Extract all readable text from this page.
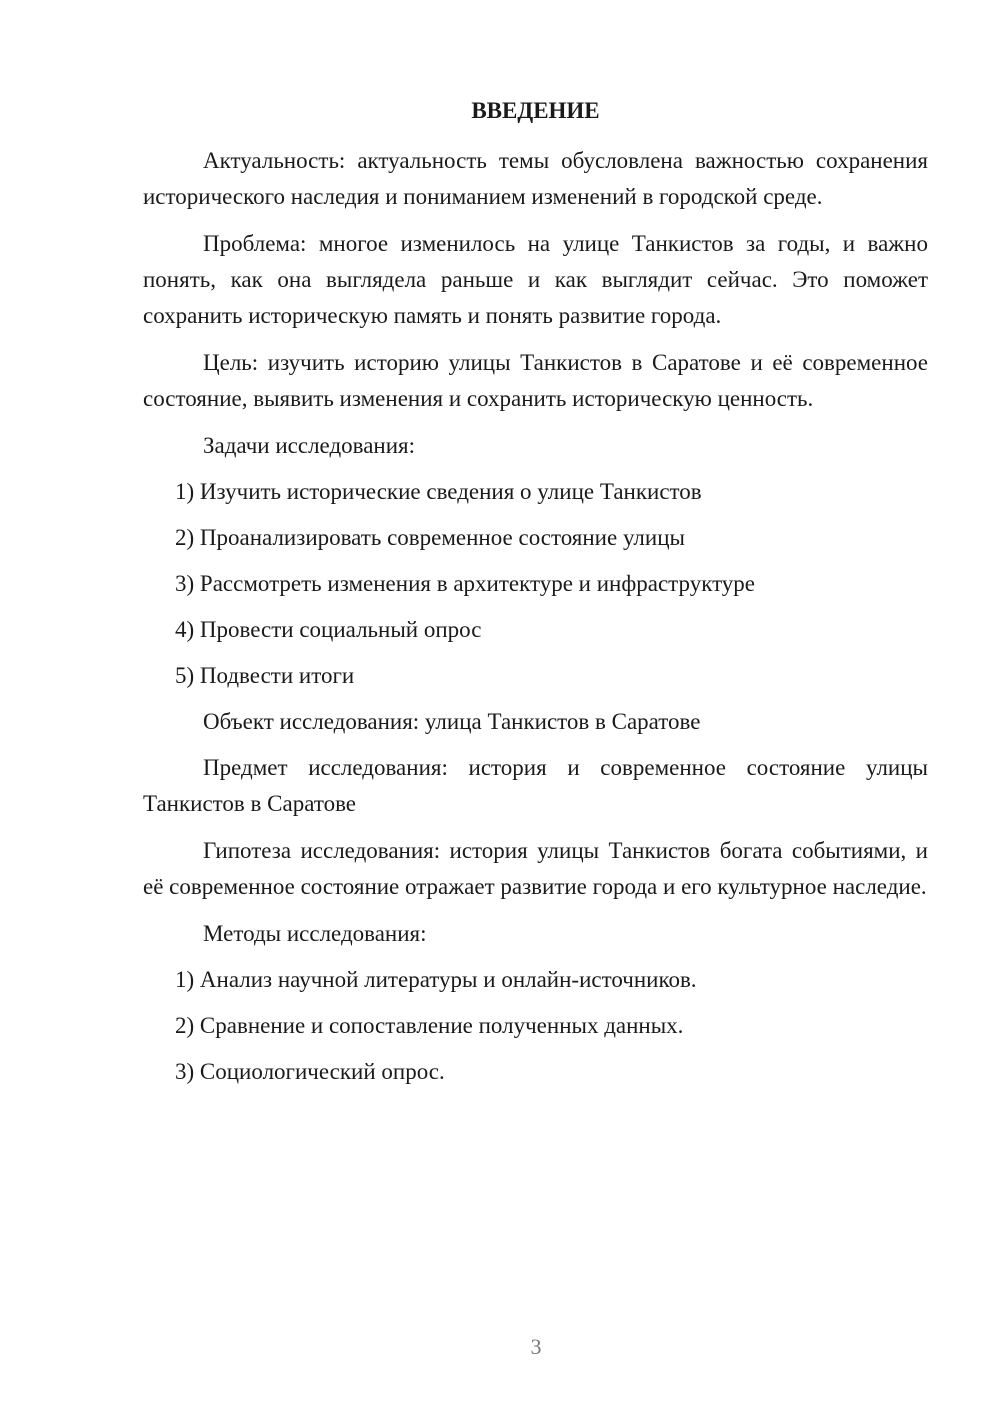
ВВЕДЕНИЕ

Актуальность: актуальность темы обусловлена важностью сохранения исторического наследия и пониманием изменений в городской среде.

Проблема: многое изменилось на улице Танкистов за годы, и важно понять, как она выглядела раньше и как выглядит сейчас. Это поможет сохранить историческую память и понять развитие города.

Цель: изучить историю улицы Танкистов в Саратове и её современное состояние, выявить изменения и сохранить историческую ценность.

Задачи исследования:
1) Изучить исторические сведения о улице Танкистов
2) Проанализировать современное состояние улицы
3) Рассмотреть изменения в архитектуре и инфраструктуре
4) Провести социальный опрос
5) Подвести итоги
Объект исследования: улица Танкистов в Саратове

Предмет исследования: история и современное состояние улицы Танкистов в Саратове

Гипотеза исследования: история улицы Танкистов богата событиями, и её современное состояние отражает развитие города и его культурное наследие.

Методы исследования:
1) Анализ научной литературы и онлайн-источников.
2) Сравнение и сопоставление полученных данных.
3) Социологический опрос.
3
